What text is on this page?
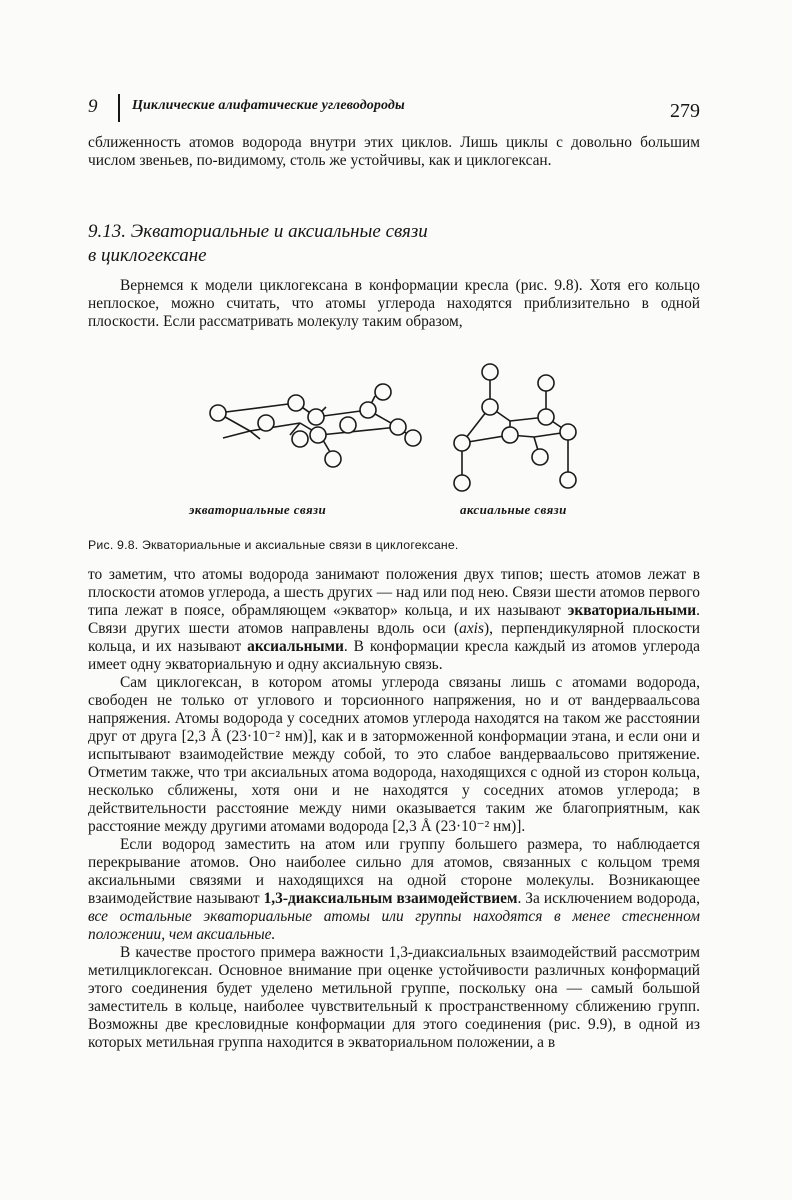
9 Циклические алифатические углеводороды	279

сближенность атомов водорода внутри этих циклов. Лишь циклы с довольно большим числом звеньев, по-видимому, столь же устойчивы, как и циклогексан.

9.13. Экваториальные и аксиальные связи
в циклогексане

Вернемся к модели циклогексана в конформации кресла (рис. 9.8). Хотя его кольцо неплоское, можно считать, что атомы углерода находятся приблизительно в одной плоскости. Если рассматривать молекулу таким образом,

экваториальные связи	аксиальные связи
Рис. 9.8. Экваториальные и аксиальные связи в циклогексане.

то заметим, что атомы водорода занимают положения двух типов; шесть атомов лежат в плоскости атомов углерода, а шесть других — над или под нею. Связи шести атомов первого типа лежат в поясе, обрамляющем «экватор» кольца, и их называют экваториальными. Связи других шести атомов направлены вдоль оси (axis), перпендикулярной плоскости кольца, и их называют аксиальными. В конформации кресла каждый из атомов углерода имеет одну экваториальную и одну аксиальную связь.

Сам циклогексан, в котором атомы углерода связаны лишь с атомами водорода, свободен не только от углового и торсионного напряжения, но и от вандерваальсова напряжения. Атомы водорода у соседних атомов углерода находятся на таком же расстоянии друг от друга [2,3 Å (23·10⁻² нм)], как и в заторможенной конформации этана, и если они и испытывают взаимодействие между собой, то это слабое вандерваальсово притяжение. Отметим также, что три аксиальных атома водорода, находящихся с одной из сторон кольца, несколько сближены, хотя они и не находятся у соседних атомов углерода; в действительности расстояние между ними оказывается таким же благоприятным, как расстояние между другими атомами водорода [2,3 Å (23·10⁻² нм)].

Если водород заместить на атом или группу большего размера, то наблюдается перекрывание атомов. Оно наиболее сильно для атомов, связанных с кольцом тремя аксиальными связями и находящихся на одной стороне молекулы. Возникающее взаимодействие называют 1,3-диаксиальным взаимодействием. За исключением водорода, все остальные экваториальные атомы или группы находятся в менее стесненном положении, чем аксиальные.

В качестве простого примера важности 1,3-диаксиальных взаимодействий рассмотрим метилциклогексан. Основное внимание при оценке устойчивости различных конформаций этого соединения будет уделено метильной группе, поскольку она — самый большой заместитель в кольце, наиболее чувствительный к пространственному сближению групп. Возможны две кресловидные конформации для этого соединения (рис. 9.9), в одной из которых метильная группа находится в экваториальном положении, а в
